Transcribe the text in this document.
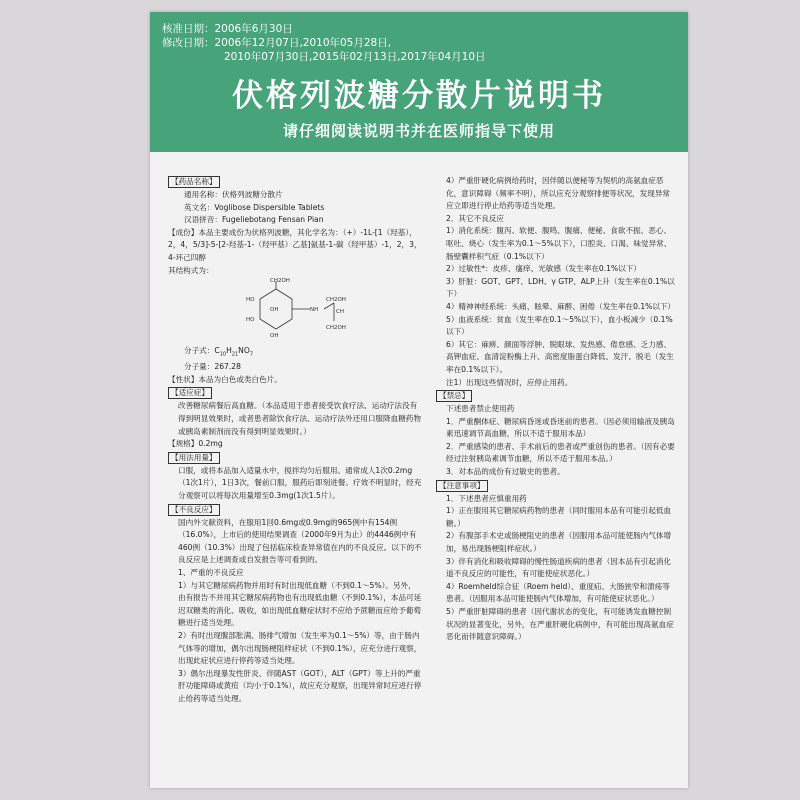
核准日期：2006年6月30日
修改日期：2006年12月07日,2010年05月28日,
2010年07月30日,2015年02月13日,2017年04月10日
伏格列波糖分散片说明书
请仔细阅读说明书并在医师指导下使用

【药品名称】

通用名称：伏格列波糖分散片

英文名：Voglibose Dispersible Tablets

汉语拼音：Fugeliebotang Fensan Pian

【成份】本品主要成份为伏格列波糖，其化学名为：（+）-1L-[1（羟基），2，4，5/3]-5-[2-羟基-1-（羟甲基）乙基]氨基-1-碳（羟甲基）-1，2，3，4-环己四醇

其结构式为：

CH2OH
HO
HO
OH
NH
CH2OH
CH
CH2OH
OH

分子式：$C_{10}H_{21}NO_7$

分子量：267.28

【性状】本品为白色或类白色片。

【适应症】

改善糖尿病餐后高血糖。（本品适用于患者接受饮食疗法、运动疗法没有得到明显效果时，或者患者除饮食疗法、运动疗法外还用口服降血糖药物或胰岛素制剂而没有得到明显效果时。）

【规格】0.2mg

【用法用量】

口服，或将本品加入适量水中，搅拌均匀后服用。通常成人1次0.2mg（1次1片），1日3次，餐前口服，服药后即刻进餐。疗效不明显时，经充分观察可以将每次用量增至0.3mg(1次1.5片）。

【不良反应】

国内外文献资料，在服用1回0.6mg或0.9mg的965例中有154例（16.0%），上市后的使用结果调查（2000年9月为止）的4446例中有460例（10.3%）出现了包括临床检查异常值在内的不良反应。以下的不良反应是上述调查或自发报告等可看到的。

1、严重的不良反应

1）与其它糖尿病药物并用时有时出现低血糖（不到0.1～5%）。另外，由有报告不并用其它糖尿病药物也有出现低血糖（不到0.1%），本品可延迟双糖类的消化、吸收，如出现低血糖症状时不应给予蔗糖而应给予葡萄糖进行适当处理。

2）有时出现腹部胀满、肠排气增加（发生率为0.1～5%）等，由于肠内气体等的增加，偶尔出现肠梗阻样症状（不到0.1%），应充分进行观察，出现此症状应进行停药等适当处理。

3）偶尔出现暴发性肝炎、伴随AST（GOT），ALT（GPT）等上升的严重肝功能障碍或黄疸（均小于0.1%），故应充分观察，出现异常时应进行停止给药等适当处理。

4）严重肝硬化病例给药时，因伴随以便秘等为契机的高氨血症恶化，意识障碍（频率不明），所以应充分观察排便等状况，发现异常应立即进行停止给药等适当处理。

2．其它不良反应

1）消化系统：腹泻、软便、腹鸣、腹痛、便秘、食欲不振、恶心、呕吐、烧心（发生率为0.1～5%以下），口腔炎、口渴、味觉异常、肠壁囊样积气症（0.1%以下）

2）过敏性*：皮疹、瘙痒、光敏感（发生率在0.1%以下）

3）肝脏：GOT、GPT、LDH、γ GTP、ALP上升（发生率在0.1%以下）

4）精神神经系统：头痛、眩晕、麻醉、困倦（发生率在0.1%以下）

5）血液系统：贫血（发生率在0.1～5%以下），血小板减少（0.1%以下）

6）其它：麻痹、颜面等浮肿、脱眼球、发热感、倦怠感、乏力感、高钾血症、血清淀粉酶上升、高密度脂蛋白降低、发汗、脱毛（发生率在0.1%以下）。

注1）出现这些情况时，应停止用药。

【禁忌】

下述患者禁止使用药

1．严重酮体症、糖尿病昏迷或昏迷前的患者。（因必须用输液及胰岛素迅速调节高血糖，所以不适于服用本品）

2．严重感染的患者、手术前后的患者或严重创伤的患者。（因有必要经过注射胰岛素调节血糖，所以不适于服用本品。）

3．对本品的成份有过敏史的患者。

【注意事项】

1．下述患者应慎重用药

1）正在服用其它糖尿病药物的患者（同时服用本品有可能引起低血糖。）

2）有腹部手术史或肠梗阻史的患者（因服用本品可能使肠内气体增加，易出现肠梗阻样症状。）

3）伴有消化和吸收障碍的慢性肠道疾病的患者（因本品有引起消化道不良反应的可能性，有可能使症状恶化。）

4）Roemheld综合征（Roem held）、重度疝、大肠狭窄和溃疡等患者。（因服用本品可能使肠内气体增加，有可能使症状恶化。）

5）严重肝脏障碍的患者（因代谢状态的变化，有可能诱发血糖控制状况的显著变化，另外，在严重肝硬化病例中，有可能出现高氨血症恶化而伴随意识障碍。）
